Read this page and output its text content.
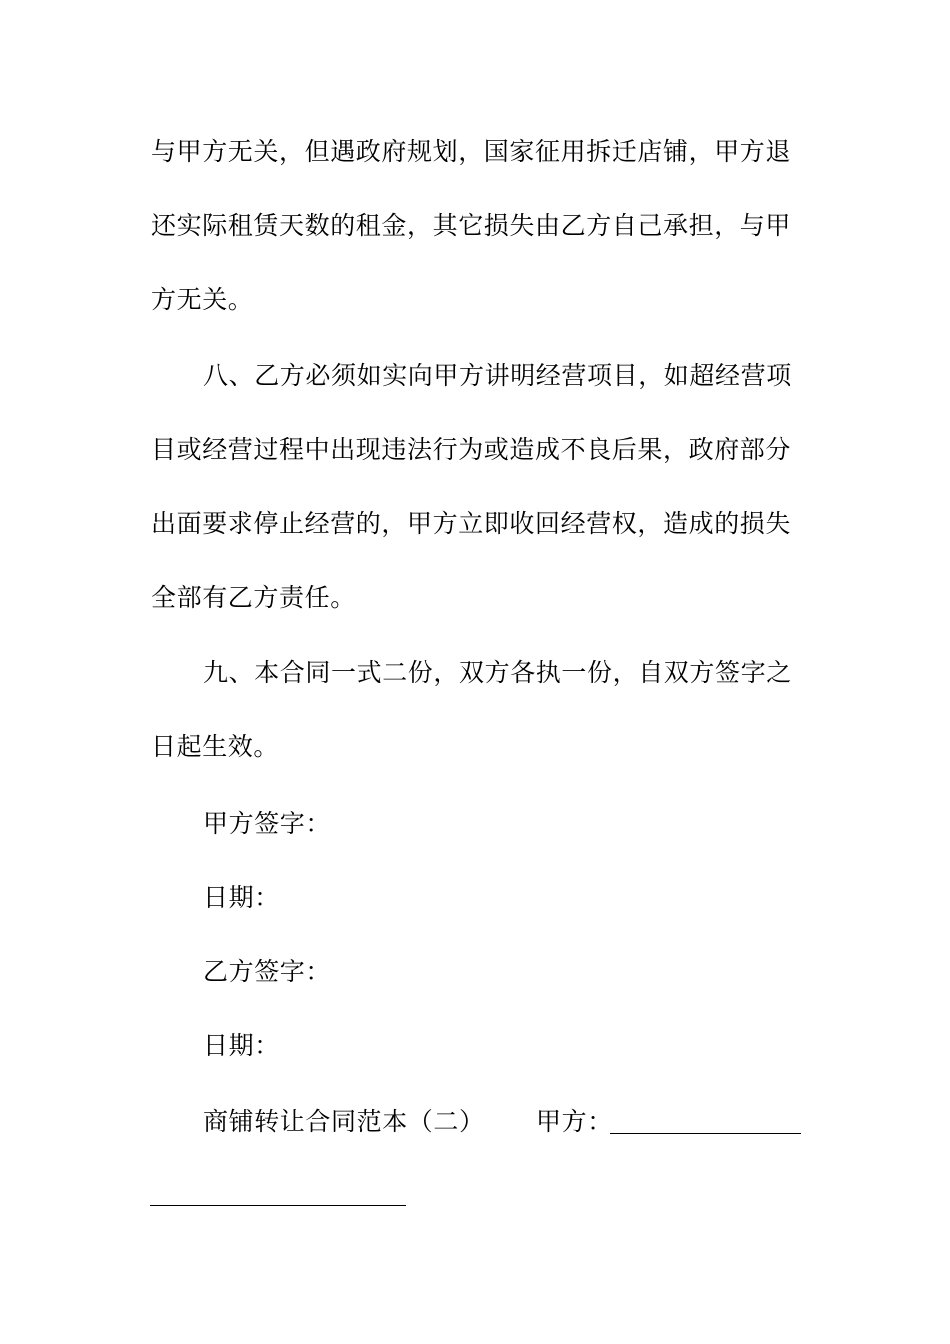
与甲方无关，但遇政府规划，国家征用拆迁店铺，甲方退
还实际租赁天数的租金，其它损失由乙方自己承担，与甲
方无关。
八、乙方必须如实向甲方讲明经营项目，如超经营项
目或经营过程中出现违法行为或造成不良后果，政府部分
出面要求停止经营的，甲方立即收回经营权，造成的损失
全部有乙方责任。
九、本合同一式二份，双方各执一份，自双方签字之
日起生效。
甲方签字：
日期：
乙方签字：
日期：
商铺转让合同范本（二） 甲方：
